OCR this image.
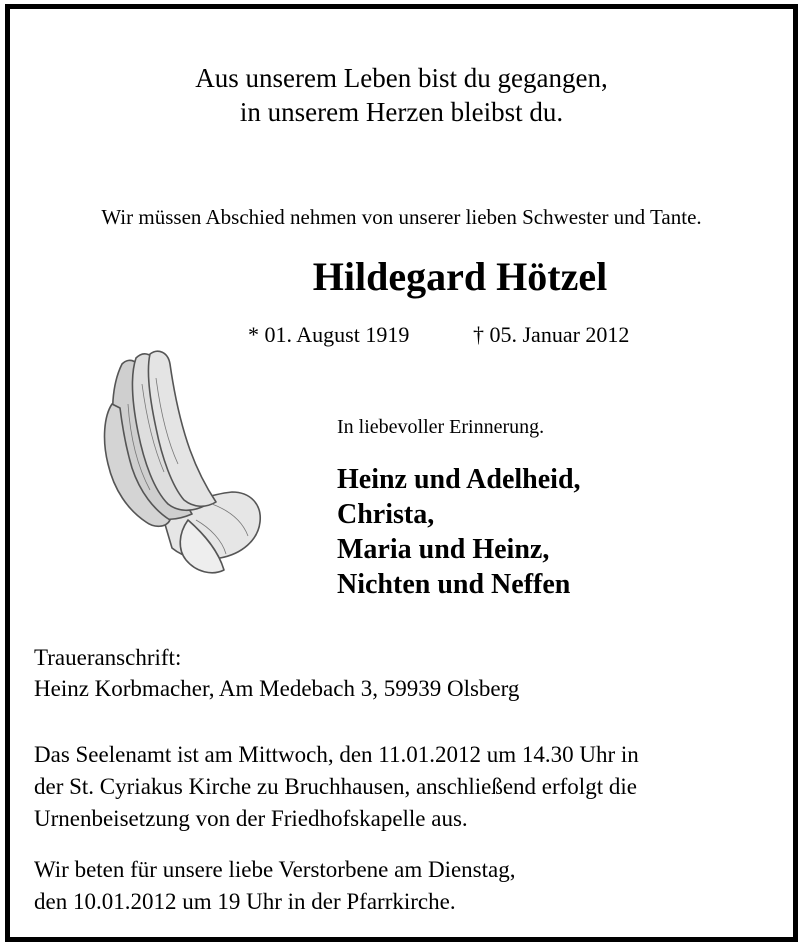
Aus unserem Leben bist du gegangen,
in unserem Herzen bleibst du.
Wir müssen Abschied nehmen von unserer lieben Schwester und Tante.
Hildegard Hötzel
* 01. August 1919	† 05. Januar 2012
In liebevoller Erinnerung.
Heinz und Adelheid,
Christa,
Maria und Heinz,
Nichten und Neffen
Traueranschrift:
Heinz Korbmacher, Am Medebach 3, 59939 Olsberg
Das Seelenamt ist am Mittwoch, den 11.01.2012 um 14.30 Uhr in
der St. Cyriakus Kirche zu Bruchhausen, anschließend erfolgt die
Urnenbeisetzung von der Friedhofskapelle aus.
Wir beten für unsere liebe Verstorbene am Dienstag,
den 10.01.2012 um 19 Uhr in der Pfarrkirche.
